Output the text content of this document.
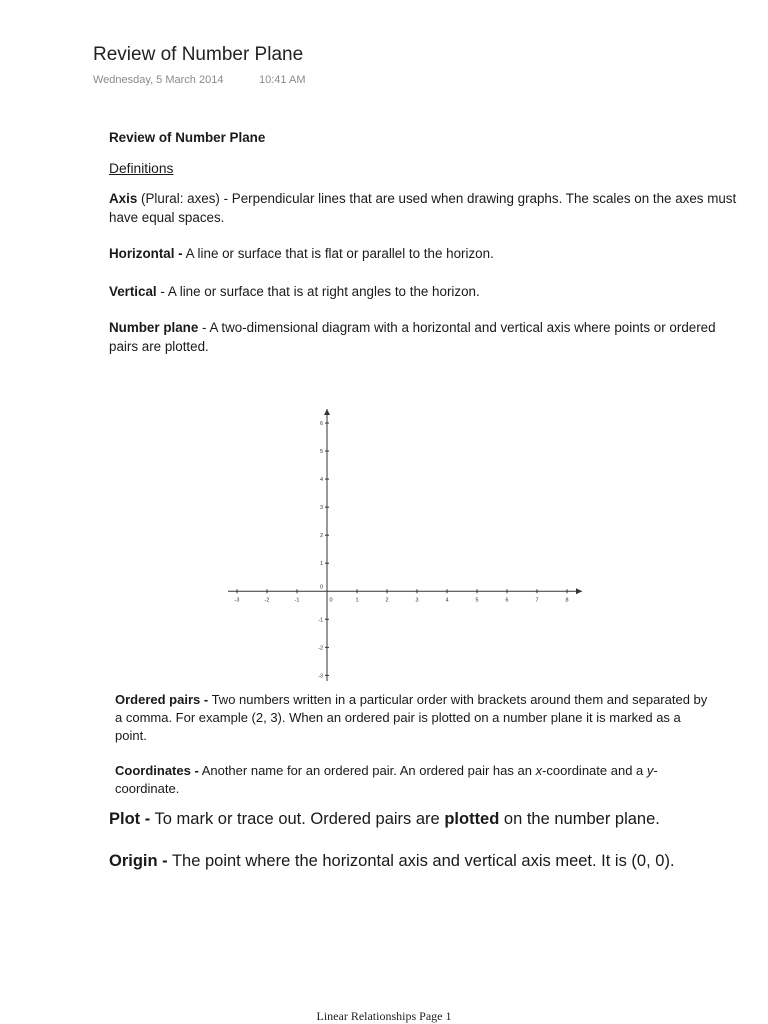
Review of Number Plane
Wednesday, 5 March 2014	10:41 AM
Review of Number Plane
Definitions
Axis (Plural: axes) - Perpendicular lines that are used when drawing graphs. The scales on the axes must have equal spaces.
Horizontal - A line or surface that is flat or parallel to the horizon.
Vertical - A line or surface that is at right angles to the horizon.
Number plane - A two-dimensional diagram with a horizontal and vertical axis where points or ordered pairs are plotted.
-3	-2	-1	0	1	2	3	4	5	6	7	8
-3
-2
-1
0
1
2
3
4
5
6
Ordered pairs - Two numbers written in a particular order with brackets around them and separated by a comma. For example (2, 3). When an ordered pair is plotted on a number plane it is marked as a point.
Coordinates - Another name for an ordered pair. An ordered pair has an x-coordinate and a y-coordinate.
Plot - To mark or trace out. Ordered pairs are plotted on the number plane.
Origin - The point where the horizontal axis and vertical axis meet. It is (0, 0).
Linear Relationships Page 1
